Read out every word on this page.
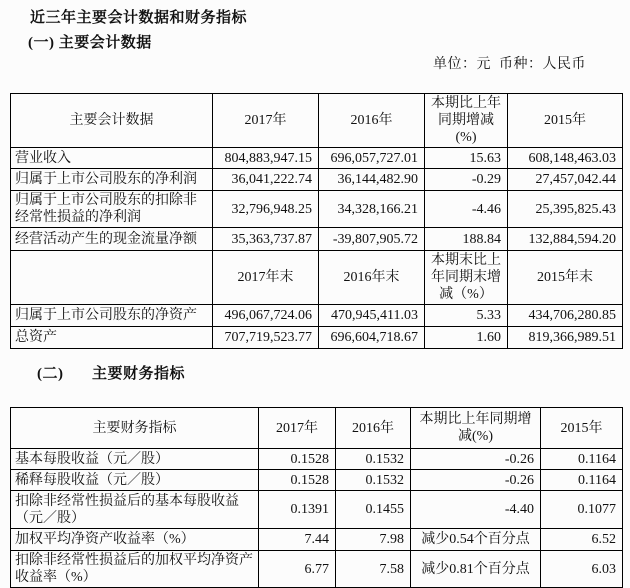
近三年主要会计数据和财务指标
(一) 主要会计数据
单位：元  币种：人民币
主要会计数据	2017年	2016年	本期比上年同期增减(%)	2015年
营业收入	804,883,947.15	696,057,727.01	15.63	608,148,463.03
归属于上市公司股东的净利润	36,041,222.74	36,144,482.90	-0.29	27,457,042.44
归属于上市公司股东的扣除非经常性损益的净利润	32,796,948.25	34,328,166.21	-4.46	25,395,825.43
经营活动产生的现金流量净额	35,363,737.87	-39,807,905.72	188.84	132,884,594.20
	2017年末	2016年末	本期末比上年同期末增减（%）	2015年末
归属于上市公司股东的净资产	496,067,724.06	470,945,411.03	5.33	434,706,280.85
总资产	707,719,523.77	696,604,718.67	1.60	819,366,989.51
(二) 主要财务指标
主要财务指标	2017年	2016年	本期比上年同期增减(%)	2015年
基本每股收益（元／股）	0.1528	0.1532	-0.26	0.1164
稀释每股收益（元／股）	0.1528	0.1532	-0.26	0.1164
扣除非经常性损益后的基本每股收益（元／股）	0.1391	0.1455	-4.40	0.1077
加权平均净资产收益率（%）	7.44	7.98	减少0.54个百分点	6.52
扣除非经常性损益后的加权平均净资产收益率（%）	6.77	7.58	减少0.81个百分点	6.03
